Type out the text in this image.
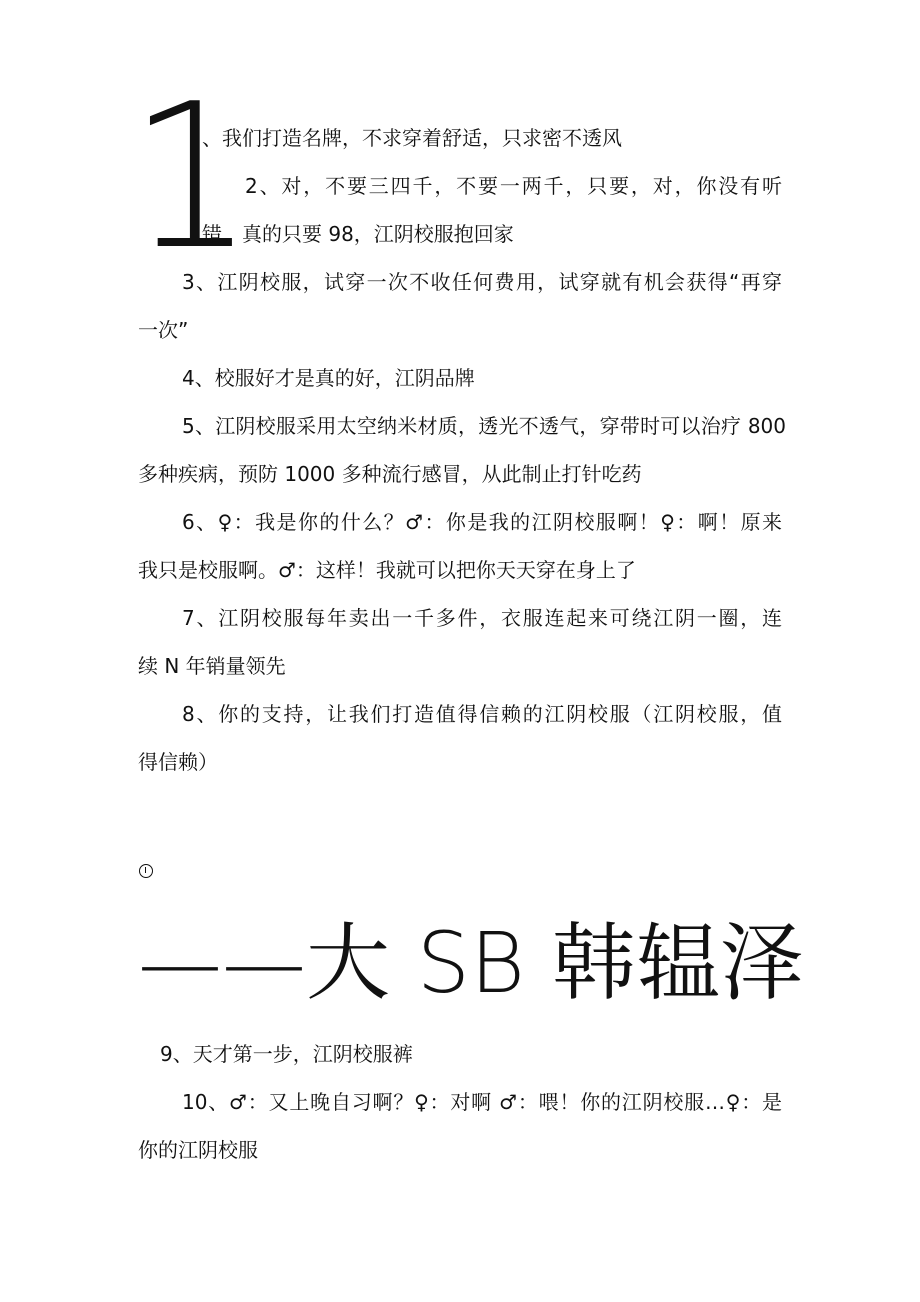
1
、我们打造名牌，不求穿着舒适，只求密不透风
2、对，不要三四千，不要一两千，只要，对，你没有听
错，真的只要 98，江阴校服抱回家
3、江阴校服，试穿一次不收任何费用，试穿就有机会获得“再穿
一次”
4、校服好才是真的好，江阴品牌
5、江阴校服采用太空纳米材质，透光不透气，穿带时可以治疗 800
多种疾病，预防 1000 多种流行感冒，从此制止打针吃药
6、♀：我是你的什么？♂：你是我的江阴校服啊！♀：啊！原来
我只是校服啊。♂：这样！我就可以把你天天穿在身上了
7、江阴校服每年卖出一千多件，衣服连起来可绕江阴一圈，连
续 N 年销量领先
8、你的支持，让我们打造值得信赖的江阴校服（江阴校服，值
得信赖）
——大 SB 韩辒泽
9、天才第一步，江阴校服裤
10、♂：又上晚自习啊？♀：对啊 ♂：喂！你的江阴校服…♀：是
你的江阴校服
